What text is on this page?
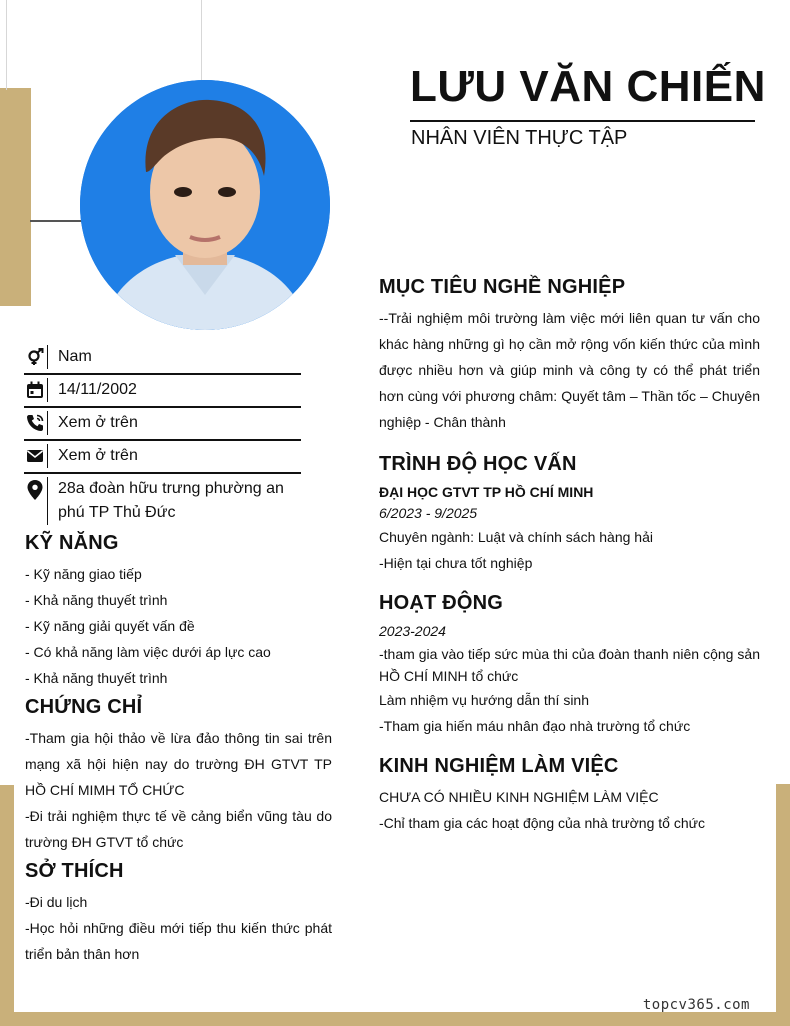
LƯU VĂN CHIẾN
NHÂN VIÊN THỰC TẬP
Nam
14/11/2002
Xem ở trên
Xem ở trên
28a đoàn hữu trưng phường an phú TP Thủ Đức
KỸ NĂNG

- Kỹ năng giao tiếp

- Khả năng thuyết trình

- Kỹ năng giải quyết vấn đề

- Có khả năng làm việc dưới áp lực cao

- Khả năng thuyết trình

CHỨNG CHỈ

-Tham gia hội thảo về lừa đảo thông tin sai trên mạng xã hội hiện nay do trường ĐH GTVT TP HỒ CHÍ MIMH TỔ CHỨC

-Đi trải nghiệm thực tế về cảng biển vũng tàu do trường ĐH GTVT tổ chức

SỞ THÍCH

-Đi du lịch

-Học hỏi những điều mới tiếp thu kiến thức phát triển bản thân hơn

MỤC TIÊU NGHỀ NGHIỆP

--Trải nghiệm môi trường làm việc mới liên quan tư vấn cho khác hàng những gì họ cần mở rộng vốn kiến thức của mình được nhiều hơn và giúp minh và công ty có thể phát triển hơn cùng với phương châm: Quyết tâm – Thần tốc – Chuyên nghiệp - Chân thành

TRÌNH ĐỘ HỌC VẤN

ĐẠI HỌC GTVT TP HỒ CHÍ MINH

6/2023 - 9/2025

Chuyên ngành: Luật và chính sách hàng hải

-Hiện tại chưa tốt nghiệp

HOẠT ĐỘNG

2023-2024

-tham gia vào tiếp sức mùa thi của đoàn thanh niên cộng sản HỒ CHÍ MINH tổ chức

Làm nhiệm vụ hướng dẫn thí sinh

-Tham gia hiến máu nhân đạo nhà trường tổ chức

KINH NGHIỆM LÀM VIỆC

CHƯA CÓ NHIỀU KINH NGHIỆM LÀM VIỆC

-Chỉ tham gia các hoạt động của nhà trường tổ chức

topcv365.com
